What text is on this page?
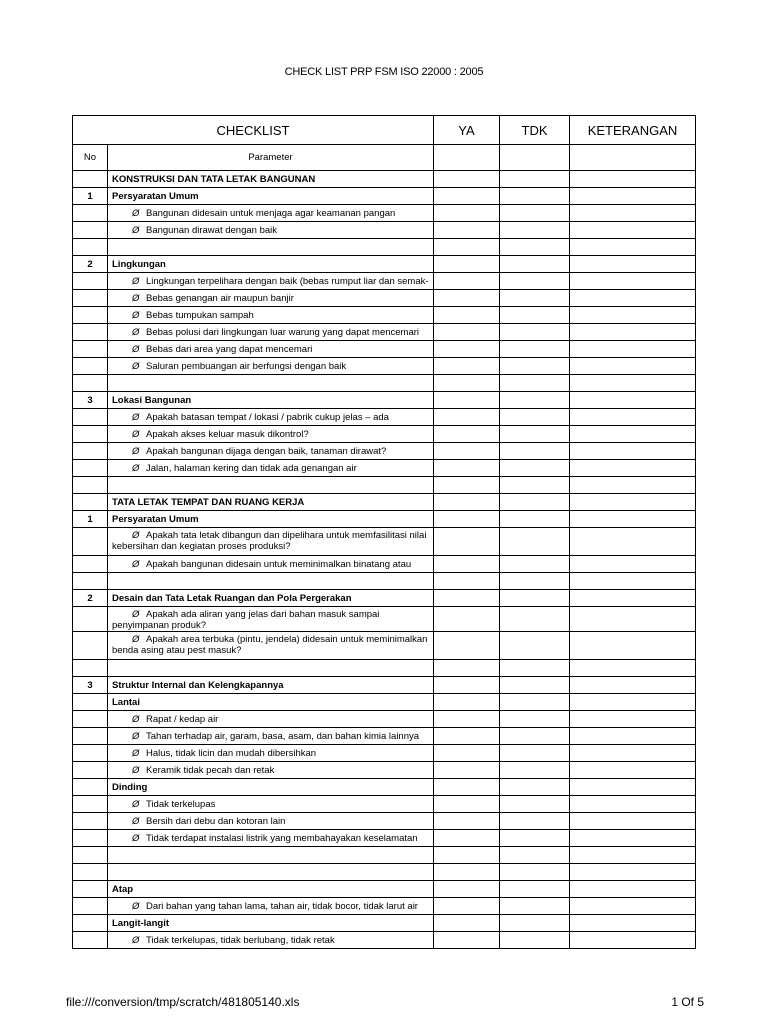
CHECK LIST PRP FSM ISO 22000 : 2005
CHECKLIST		YA	TDK	KETERANGAN
No	Parameter			
	KONSTRUKSI DAN TATA LETAK BANGUNAN			
1	Persyaratan Umum			
	Ø Bangunan didesain untuk menjaga agar keamanan pangan			
	Ø Bangunan dirawat dengan baik			

2	Lingkungan			
	Ø Lingkungan terpelihara dengan baik (bebas rumput liar dan semak-			
	Ø Bebas genangan air maupun banjir			
	Ø Bebas tumpukan sampah			
	Ø Bebas polusi dari lingkungan luar warung yang dapat mencemari			
	Ø Bebas dari area yang dapat mencemari			
	Ø Saluran pembuangan air berfungsi dengan baik			

3	Lokasi Bangunan			
	Ø Apakah batasan tempat / lokasi / pabrik cukup jelas – ada			
	Ø Apakah akses keluar masuk dikontrol?			
	Ø Apakah bangunan dijaga dengan baik, tanaman dirawat?			
	Ø Jalan, halaman kering dan tidak ada genangan air			

	TATA LETAK TEMPAT DAN RUANG KERJA			
1	Persyaratan Umum			
	Ø Apakah tata letak dibangun dan dipelihara untuk memfasilitasi nilai kebersihan dan kegiatan proses produksi?			
	Ø Apakah bangunan didesain untuk meminimalkan binatang atau			

2	Desain dan Tata Letak Ruangan dan Pola Pergerakan			
	Ø Apakah ada aliran yang jelas dari bahan masuk sampai penyimpanan produk?			
	Ø Apakah area terbuka (pintu, jendela) didesain untuk meminimalkan benda asing atau pest masuk?			

3	Struktur Internal dan Kelengkapannya			
	Lantai			
	Ø Rapat / kedap air			
	Ø Tahan terhadap air, garam, basa, asam, dan bahan kimia lainnya			
	Ø Halus, tidak licin dan mudah dibersihkan			
	Ø Keramik tidak pecah dan retak			
	Dinding			
	Ø Tidak terkelupas			
	Ø Bersih dari debu dan kotoran lain			
	Ø Tidak terdapat instalasi listrik yang membahayakan keselamatan			

	Atap			
	Ø Dari bahan yang tahan lama, tahan air, tidak bocor, tidak larut air			
	Langit-langit			
	Ø Tidak terkelupas, tidak berlubang, tidak retak			
file:///conversion/tmp/scratch/481805140.xls	1 Of 5
